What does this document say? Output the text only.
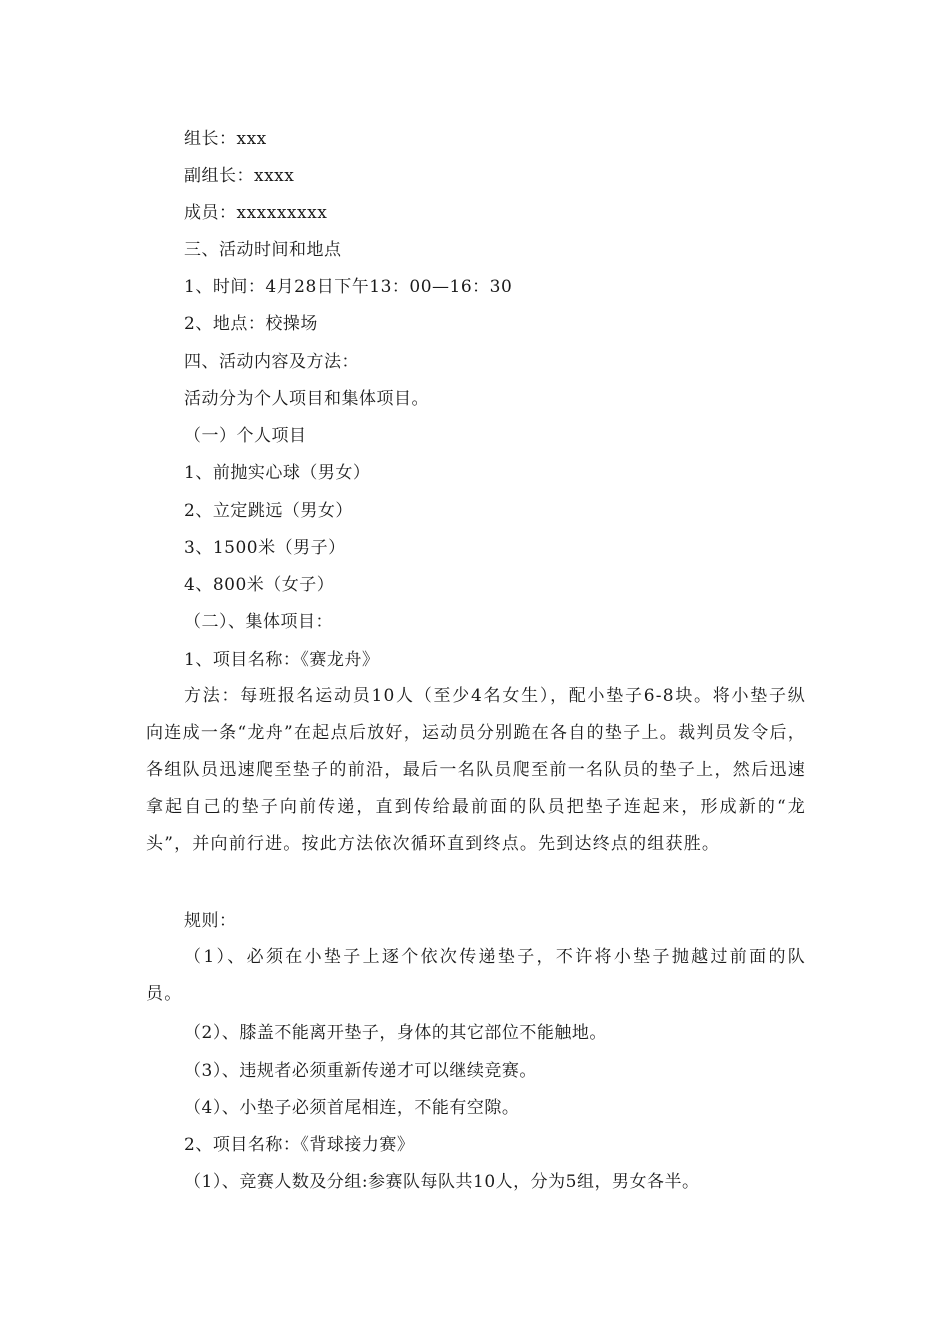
组长：xxx
副组长：xxxx
成员：xxxxxxxxx
三、活动时间和地点
1、时间：4月28日下午13：00—16：30
2、地点：校操场
四、活动内容及方法：
活动分为个人项目和集体项目。
（一）个人项目
1、前抛实心球（男女）
2、立定跳远（男女）
3、1500米（男子）
4、800米（女子）
（二）、集体项目：
1、项目名称：《赛龙舟》
方法：每班报名运动员10人（至少4名女生），配小垫子6-8块。将小垫子纵向连成一条“龙舟”在起点后放好，运动员分别跪在各自的垫子上。裁判员发令后，各组队员迅速爬至垫子的前沿，最后一名队员爬至前一名队员的垫子上，然后迅速拿起自己的垫子向前传递，直到传给最前面的队员把垫子连起来，形成新的“龙头”，并向前行进。按此方法依次循环直到终点。先到达终点的组获胜。
规则：
（1）、必须在小垫子上逐个依次传递垫子，不许将小垫子抛越过前面的队员。
（2）、膝盖不能离开垫子，身体的其它部位不能触地。
（3）、违规者必须重新传递才可以继续竞赛。
（4）、小垫子必须首尾相连，不能有空隙。
2、项目名称：《背球接力赛》
（1）、竞赛人数及分组:参赛队每队共10人，分为5组，男女各半。
